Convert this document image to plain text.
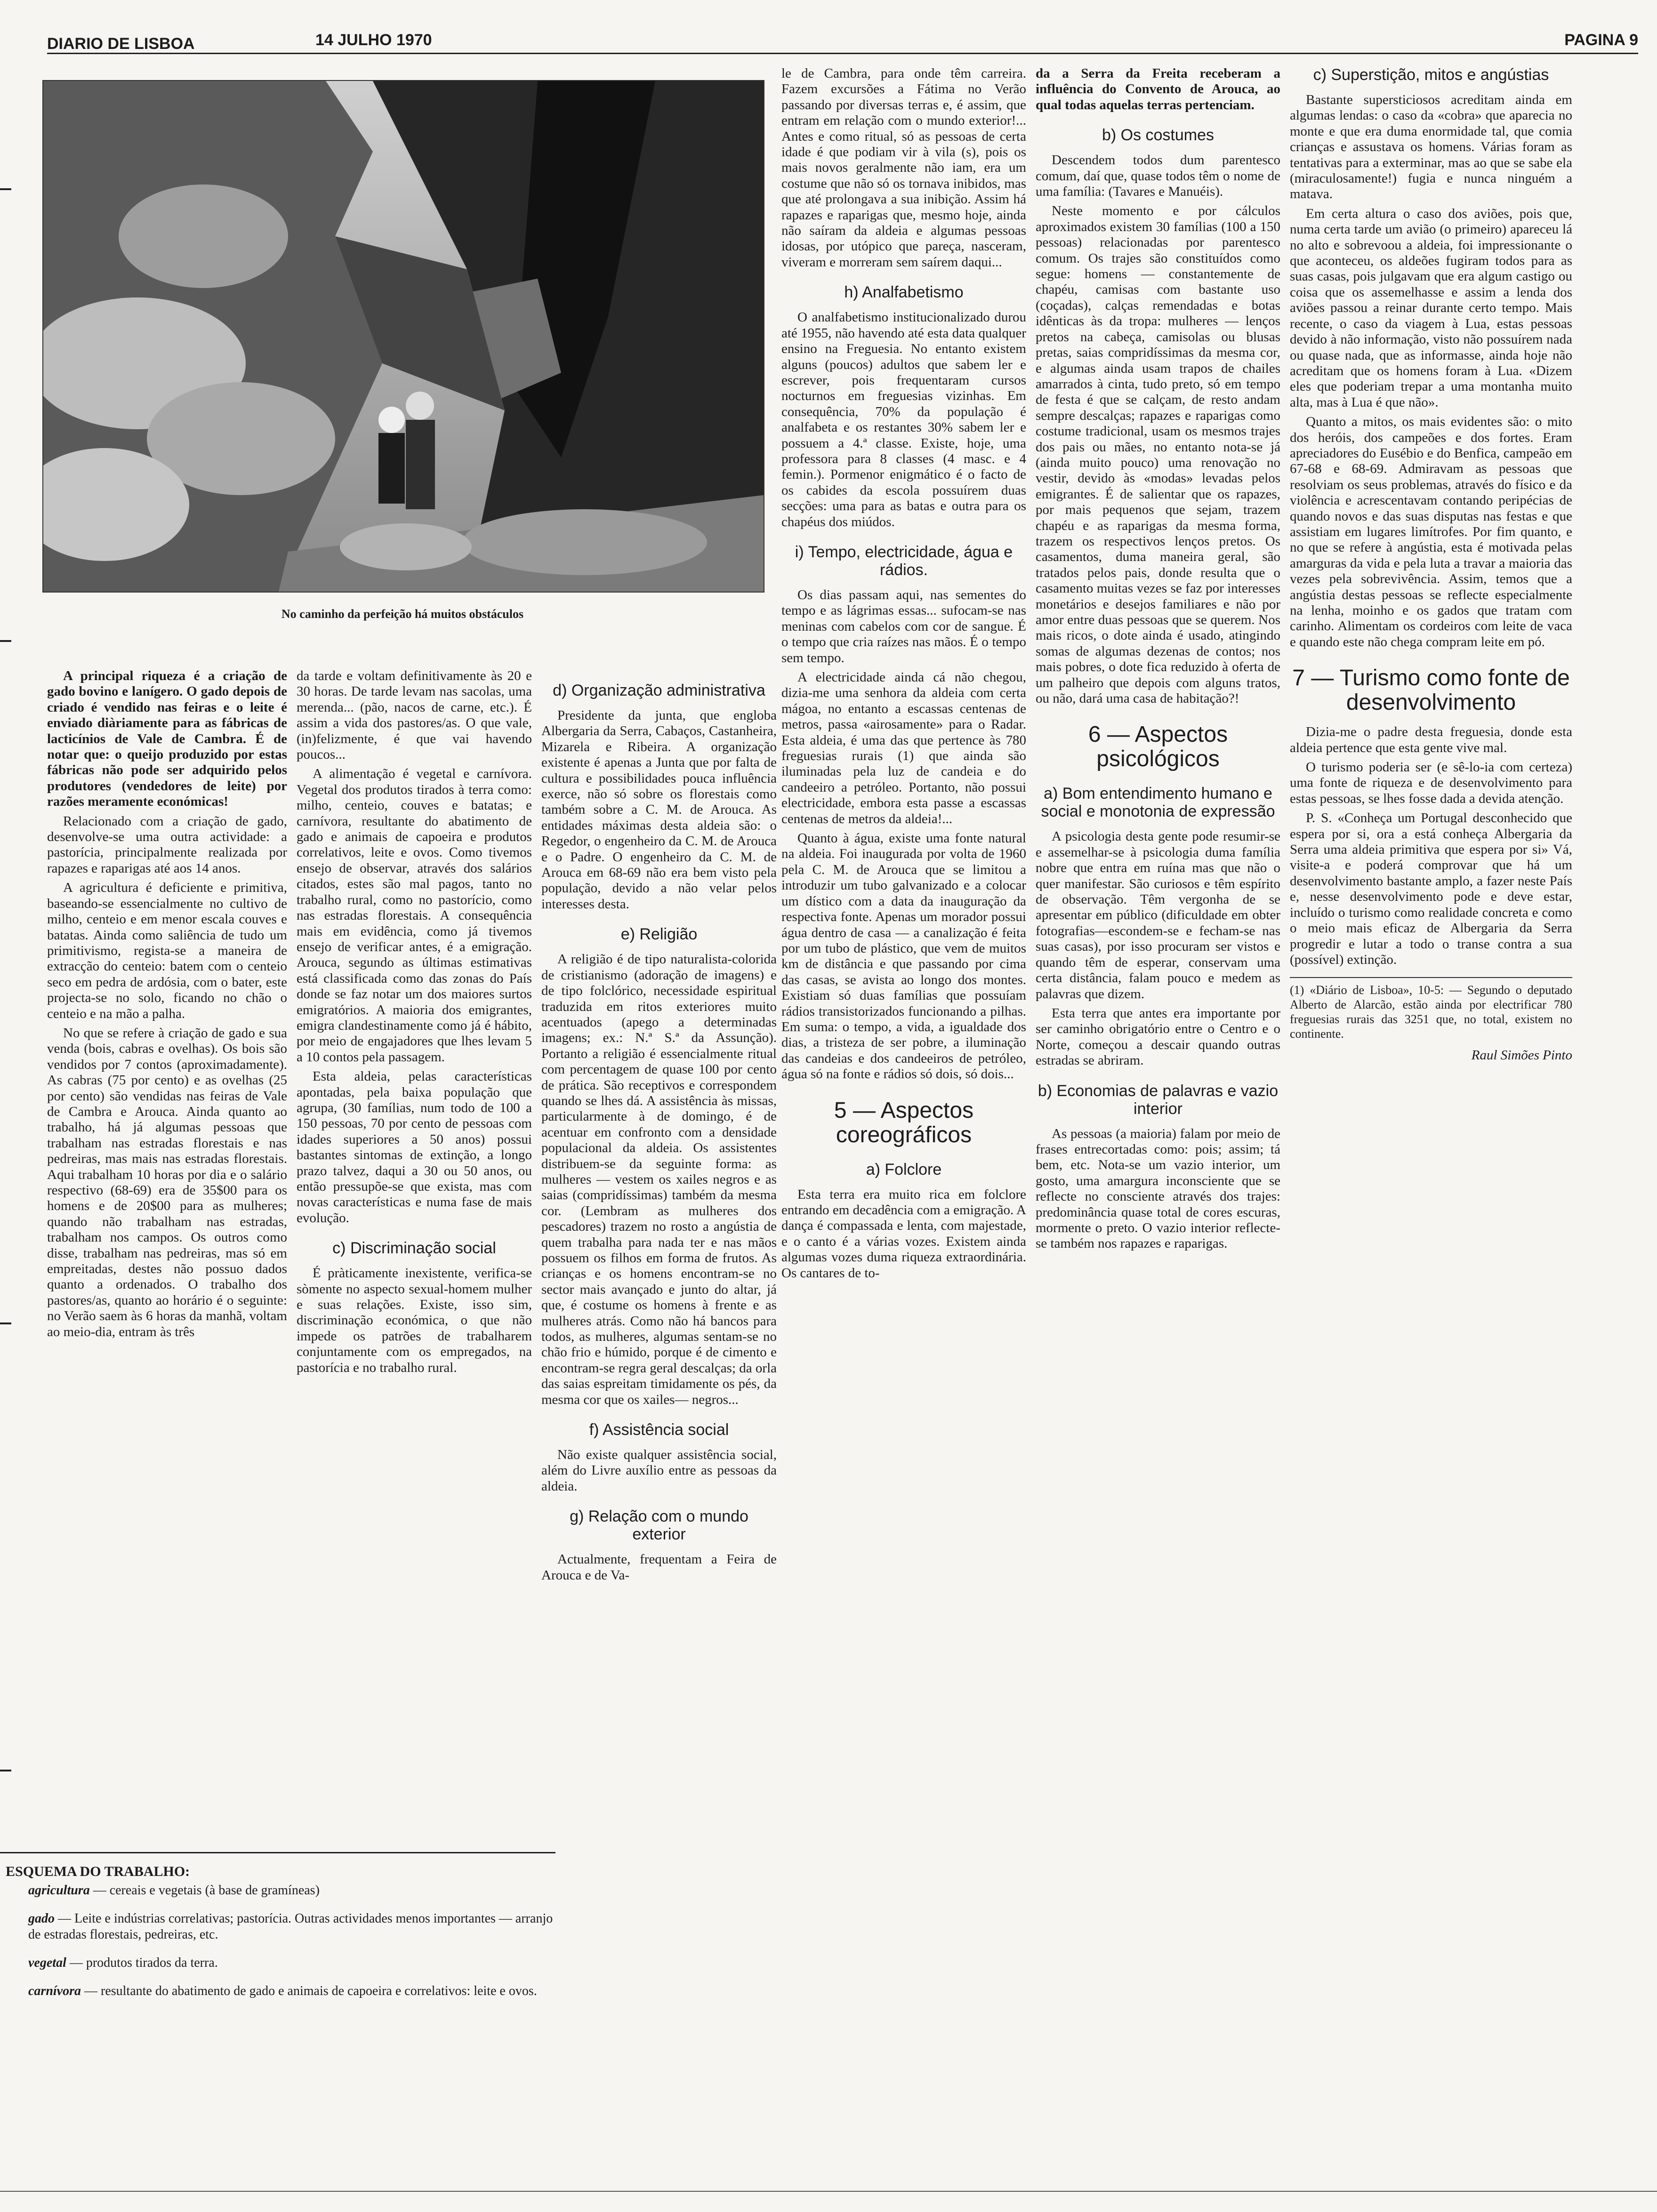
DIARIO DE LISBOA	14 JULHO 1970	PAGINA 9
No caminho da perfeição há muitos obstáculos

A principal riqueza é a criação de gado bovino e lanígero. O gado depois de criado é vendido nas feiras e o leite é enviado diàriamente para as fábricas de lacticínios de Vale de Cambra. É de notar que: o queijo produzido por estas fábricas não pode ser adquirido pelos produtores (vendedores de leite) por razões meramente económicas!

Relacionado com a criação de gado, desenvolve-se uma outra actividade: a pastorícia, principalmente realizada por rapazes e raparigas até aos 14 anos.

A agricultura é deficiente e primitiva, baseando-se essencialmente no cultivo de milho, centeio e em menor escala couves e batatas. Ainda como saliência de tudo um primitivismo, regista-se a maneira de extracção do centeio: batem com o centeio seco em pedra de ardósia, com o bater, este projecta-se no solo, ficando no chão o centeio e na mão a palha.

No que se refere à criação de gado e sua venda (bois, cabras e ovelhas). Os bois são vendidos por 7 contos (aproximadamente). As cabras (75 por cento) e as ovelhas (25 por cento) são vendidas nas feiras de Vale de Cambra e Arouca. Ainda quanto ao trabalho, há já algumas pessoas que trabalham nas estradas florestais e nas pedreiras, mas mais nas estradas florestais. Aqui trabalham 10 horas por dia e o salário respectivo (68-69) era de 35$00 para os homens e de 20$00 para as mulheres; quando não trabalham nas estradas, trabalham nos campos. Os outros como disse, trabalham nas pedreiras, mas só em empreitadas, destes não possuo dados quanto a ordenados. O trabalho dos pastores/as, quanto ao horário é o seguinte: no Verão saem às 6 horas da manhã, voltam ao meio-dia, entram às três

da tarde e voltam definitivamente às 20 e 30 horas. De tarde levam nas sacolas, uma merenda... (pão, nacos de carne, etc.). É assim a vida dos pastores/as. O que vale, (in)felizmente, é que vai havendo poucos...

A alimentação é vegetal e carnívora. Vegetal dos produtos tirados à terra como: milho, centeio, couves e batatas; e carnívora, resultante do abatimento de gado e animais de capoeira e produtos correlativos, leite e ovos. Como tivemos ensejo de observar, através dos salários citados, estes são mal pagos, tanto no trabalho rural, como no pastorício, como nas estradas florestais. A consequência mais em evidência, como já tivemos ensejo de verificar antes, é a emigração. Arouca, segundo as últimas estimativas está classificada como das zonas do País donde se faz notar um dos maiores surtos emigratórios. A maioria dos emigrantes, emigra clandestinamente como já é hábito, por meio de engajadores que lhes levam 5 a 10 contos pela passagem.

Esta aldeia, pelas características apontadas, pela baixa população que agrupa, (30 famílias, num todo de 100 a 150 pessoas, 70 por cento de pessoas com idades superiores a 50 anos) possui bastantes sintomas de extinção, a longo prazo talvez, daqui a 30 ou 50 anos, ou então pressupõe-se que exista, mas com novas características e numa fase de mais evolução.

c) Discriminação social

É pràticamente inexistente, verifica-se sòmente no aspecto sexual-homem mulher e suas relações. Existe, isso sim, discriminação económica, o que não impede os patrões de trabalharem conjuntamente com os empregados, na pastorícia e no trabalho rural.

d) Organização administrativa

Presidente da junta, que engloba Albergaria da Serra, Cabaços, Castanheira, Mizarela e Ribeira. A organização existente é apenas a Junta que por falta de cultura e possibilidades pouca influência exerce, não só sobre os florestais como também sobre a C. M. de Arouca. As entidades máximas desta aldeia são: o Regedor, o engenheiro da C. M. de Arouca e o Padre. O engenheiro da C. M. de Arouca em 68-69 não era bem visto pela população, devido a não velar pelos interesses desta.

e) Religião

A religião é de tipo naturalista-colorida de cristianismo (adoração de imagens) e de tipo folclórico, necessidade espiritual traduzida em ritos exteriores muito acentuados (apego a determinadas imagens; ex.: N.ª S.ª da Assunção). Portanto a religião é essencialmente ritual com percentagem de quase 100 por cento de prática. São receptivos e correspondem quando se lhes dá. A assistência às missas, particularmente à de domingo, é de acentuar em confronto com a densidade populacional da aldeia. Os assistentes distribuem-se da seguinte forma: as mulheres — vestem os xailes negros e as saias (compridíssimas) também da mesma cor. (Lembram as mulheres dos pescadores) trazem no rosto a angústia de quem trabalha para nada ter e nas mãos possuem os filhos em forma de frutos. As crianças e os homens encontram-se no sector mais avançado e junto do altar, já que, é costume os homens à frente e as mulheres atrás. Como não há bancos para todos, as mulheres, algumas sentam-se no chão frio e húmido, porque é de cimento e encontram-se regra geral descalças; da orla das saias espreitam timidamente os pés, da mesma cor que os xailes— negros...

f) Assistência social

Não existe qualquer assistência social, além do Livre auxílio entre as pessoas da aldeia.

g) Relação com o mundo exterior

Actualmente, frequentam a Feira de Arouca e de Va-

le de Cambra, para onde têm carreira. Fazem excursões a Fátima no Verão passando por diversas terras e, é assim, que entram em relação com o mundo exterior!... Antes e como ritual, só as pessoas de certa idade é que podiam vir à vila (s), pois os mais novos geralmente não iam, era um costume que não só os tornava inibidos, mas que até prolongava a sua inibição. Assim há rapazes e raparigas que, mesmo hoje, ainda não saíram da aldeia e algumas pessoas idosas, por utópico que pareça, nasceram, viveram e morreram sem saírem daqui...

h) Analfabetismo

O analfabetismo institucionalizado durou até 1955, não havendo até esta data qualquer ensino na Freguesia. No entanto existem alguns (poucos) adultos que sabem ler e escrever, pois frequentaram cursos nocturnos em freguesias vizinhas. Em consequência, 70% da população é analfabeta e os restantes 30% sabem ler e possuem a 4.ª classe. Existe, hoje, uma professora para 8 classes (4 masc. e 4 femin.). Pormenor enigmático é o facto de os cabides da escola possuírem duas secções: uma para as batas e outra para os chapéus dos miúdos.

i) Tempo, electricidade, água e rádios.

Os dias passam aqui, nas sementes do tempo e as lágrimas essas... sufocam-se nas meninas com cabelos com cor de sangue. É o tempo que cria raízes nas mãos. É o tempo sem tempo.

A electricidade ainda cá não chegou, dizia-me uma senhora da aldeia com certa mágoa, no entanto a escassas centenas de metros, passa «airosamente» para o Radar. Esta aldeia, é uma das que pertence às 780 freguesias rurais (1) que ainda são iluminadas pela luz de candeia e do candeeiro a petróleo. Portanto, não possui electricidade, embora esta passe a escassas centenas de metros da aldeia!...

Quanto à água, existe uma fonte natural na aldeia. Foi inaugurada por volta de 1960 pela C. M. de Arouca que se limitou a introduzir um tubo galvanizado e a colocar um dístico com a data da inauguração da respectiva fonte. Apenas um morador possui água dentro de casa — a canalização é feita por um tubo de plástico, que vem de muitos km de distância e que passando por cima das casas, se avista ao longo dos montes. Existiam só duas famílias que possuíam rádios transistorizados funcionando a pilhas. Em suma: o tempo, a vida, a igualdade dos dias, a tristeza de ser pobre, a iluminação das candeias e dos candeeiros de petróleo, água só na fonte e rádios só dois, só dois...

5 — Aspectos coreográficos
a) Folclore

Esta terra era muito rica em folclore entrando em decadência com a emigração. A dança é compassada e lenta, com majestade, e o canto é a várias vozes. Existem ainda algumas vozes duma riqueza extraordinária. Os cantares de to-

da a Serra da Freita receberam a influência do Convento de Arouca, ao qual todas aquelas terras pertenciam.

b) Os costumes

Descendem todos dum parentesco comum, daí que, quase todos têm o nome de uma família: (Tavares e Manuéis).

Neste momento e por cálculos aproximados existem 30 famílias (100 a 150 pessoas) relacionadas por parentesco comum. Os trajes são constituídos como segue: homens — constantemente de chapéu, camisas com bastante uso (coçadas), calças remendadas e botas idênticas às da tropa: mulheres — lenços pretos na cabeça, camisolas ou blusas pretas, saias compridíssimas da mesma cor, e algumas ainda usam trapos de chailes amarrados à cinta, tudo preto, só em tempo de festa é que se calçam, de resto andam sempre descalças; rapazes e raparigas como costume tradicional, usam os mesmos trajes dos pais ou mães, no entanto nota-se já (ainda muito pouco) uma renovação no vestir, devido às «modas» levadas pelos emigrantes. É de salientar que os rapazes, por mais pequenos que sejam, trazem chapéu e as raparigas da mesma forma, trazem os respectivos lenços pretos. Os casamentos, duma maneira geral, são tratados pelos pais, donde resulta que o casamento muitas vezes se faz por interesses monetários e desejos familiares e não por amor entre duas pessoas que se querem. Nos mais ricos, o dote ainda é usado, atingindo somas de algumas dezenas de contos; nos mais pobres, o dote fica reduzido à oferta de um palheiro que depois com alguns tratos, ou não, dará uma casa de habitação?!

6 — Aspectos psicológicos
a) Bom entendimento humano e social e monotonia de expressão

A psicologia desta gente pode resumir-se e assemelhar-se à psicologia duma família nobre que entra em ruína mas que não o quer manifestar. São curiosos e têm espírito de observação. Têm vergonha de se apresentar em público (dificuldade em obter fotografias—escondem-se e fecham-se nas suas casas), por isso procuram ser vistos e quando têm de esperar, conservam uma certa distância, falam pouco e medem as palavras que dizem.

Esta terra que antes era importante por ser caminho obrigatório entre o Centro e o Norte, começou a descair quando outras estradas se abriram.

b) Economias de palavras e vazio interior

As pessoas (a maioria) falam por meio de frases entrecortadas como: pois; assim; tá bem, etc. Nota-se um vazio interior, um gosto, uma amargura inconsciente que se reflecte no consciente através dos trajes: predominância quase total de cores escuras, mormente o preto. O vazio interior reflecte-se também nos rapazes e raparigas.

c) Superstição, mitos e angústias

Bastante supersticiosos acreditam ainda em algumas lendas: o caso da «cobra» que aparecia no monte e que era duma enormidade tal, que comia crianças e assustava os homens. Várias foram as tentativas para a exterminar, mas ao que se sabe ela (miraculosamente!) fugia e nunca ninguém a matava.

Em certa altura o caso dos aviões, pois que, numa certa tarde um avião (o primeiro) apareceu lá no alto e sobrevoou a aldeia, foi impressionante o que aconteceu, os aldeões fugiram todos para as suas casas, pois julgavam que era algum castigo ou coisa que os assemelhasse e assim a lenda dos aviões passou a reinar durante certo tempo. Mais recente, o caso da viagem à Lua, estas pessoas devido à não informação, visto não possuírem nada ou quase nada, que as informasse, ainda hoje não acreditam que os homens foram à Lua. «Dizem eles que poderiam trepar a uma montanha muito alta, mas à Lua é que não».

Quanto a mitos, os mais evidentes são: o mito dos heróis, dos campeões e dos fortes. Eram apreciadores do Eusébio e do Benfica, campeão em 67-68 e 68-69. Admiravam as pessoas que resolviam os seus problemas, através do físico e da violência e acrescentavam contando peripécias de quando novos e das suas disputas nas festas e que assistiam em lugares limítrofes. Por fim quanto, e no que se refere à angústia, esta é motivada pelas amarguras da vida e pela luta a travar a maioria das vezes pela sobrevivência. Assim, temos que a angústia destas pessoas se reflecte especialmente na lenha, moinho e os gados que tratam com carinho. Alimentam os cordeiros com leite de vaca e quando este não chega compram leite em pó.

7 — Turismo como fonte de desenvolvimento

Dizia-me o padre desta freguesia, donde esta aldeia pertence que esta gente vive mal.

O turismo poderia ser (e sê-lo-ia com certeza) uma fonte de riqueza e de desenvolvimento para estas pessoas, se lhes fosse dada a devida atenção.

P. S. «Conheça um Portugal desconhecido que espera por si, ora a está conheça Albergaria da Serra uma aldeia primitiva que espera por si» Vá, visite-a e poderá comprovar que há um desenvolvimento bastante amplo, a fazer neste País e, nesse desenvolvimento pode e deve estar, incluído o turismo como realidade concreta e como o meio mais eficaz de Albergaria da Serra progredir e lutar a todo o transe contra a sua (possível) extinção.

(1) «Diário de Lisboa», 10-5: — Segundo o deputado Alberto de Alarcão, estão ainda por electrificar 780 freguesias rurais das 3251 que, no total, existem no continente.

Raul Simões Pinto

ESQUEMA DO TRABALHO:

agricultura — cereais e vegetais (à base de gramíneas)

gado — Leite e indústrias correlativas; pastorícia. Outras actividades menos importantes — arranjo de estradas florestais, pedreiras, etc.

vegetal — produtos tirados da terra.

carnívora — resultante do abatimento de gado e animais de capoeira e correlativos: leite e ovos.
